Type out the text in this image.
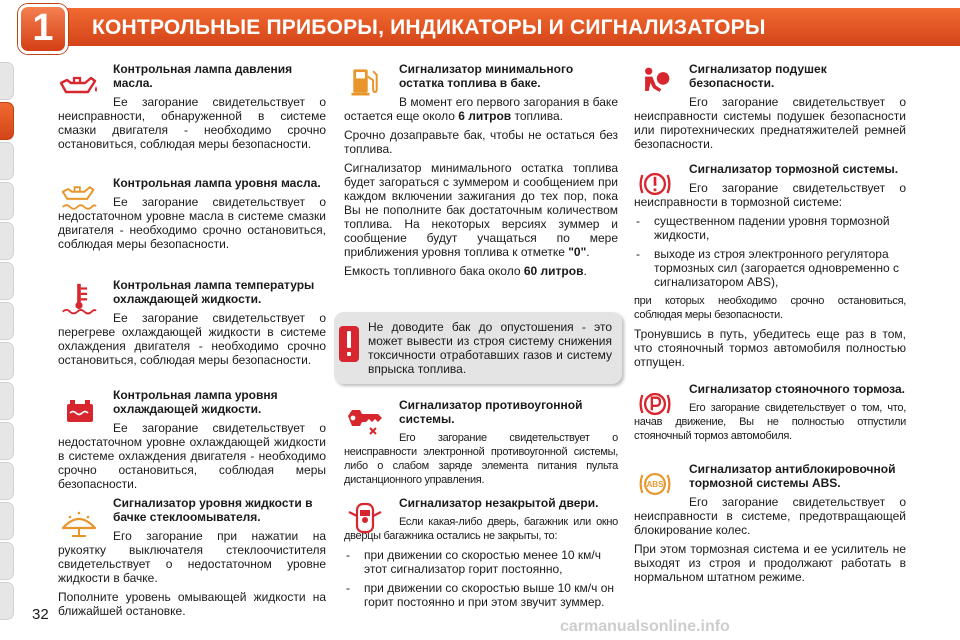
1	КОНТРОЛЬНЫЕ ПРИБОРЫ, ИНДИКАТОРЫ И СИГНАЛИЗАТОРЫ
Контрольная лампа давления масла.

Ее загорание свидетельствует о неисправности, обнаруженной в системе смазки двигателя - необходимо срочно остановиться, соблюдая меры безопасности.

Контрольная лампа уровня масла.

Ее загорание свидетельствует о недостаточном уровне масла в системе смазки двигателя - необходимо срочно остановиться, соблюдая меры безопасности.

Контрольная лампа температуры охлаждающей жидкости.

Ее загорание свидетельствует о перегреве охлаждающей жидкости в системе охлаждения двигателя - необходимо срочно остановиться, соблюдая меры безопасности.

Контрольная лампа уровня охлаждающей жидкости.

Ее загорание свидетельствует о недостаточном уровне охлаждающей жидкости в системе охлаждения двигателя - необходимо срочно остановиться, соблюдая меры безопасности.

Сигнализатор уровня жидкости в бачке стеклоомывателя.

Его загорание при нажатии на рукоятку выключателя стеклоочистителя свидетельствует о недостаточном уровне жидкости в бачке.

Пополните уровень омывающей жидкости на ближайшей остановке.

Сигнализатор минимального остатка топлива в баке.

В момент его первого загорания в баке остается еще около 6 литров топлива.

Срочно дозаправьте бак, чтобы не остаться без топлива.

Сигнализатор минимального остатка топлива будет загораться с зуммером и сообщением при каждом включении зажигания до тех пор, пока Вы не пополните бак достаточным количеством топлива. На некоторых версиях зуммер и сообщение будут учащаться по мере приближения уровня топлива к отметке "0".

Емкость топливного бака около 60 литров.

Сигнализатор противоугонной системы.

Его загорание свидетельствует о неисправности электронной противоугонной системы, либо о слабом заряде элемента питания пульта дистанционного управления.

Сигнализатор незакрытой двери.

Если какая-либо дверь, багажник или окно дверцы багажника остались не закрыты, то:

- при движении со скоростью менее 10 км/ч этот сигнализатор горит постоянно,
- при движении со скоростью выше 10 км/ч он горит постоянно и при этом звучит зуммер.
Не доводите бак до опустошения - это может вывести из строя систему снижения токсичности отработавших газов и систему впрыска топлива.
Сигнализатор подушек безопасности.

Его загорание свидетельствует о неисправности системы подушек безопасности или пиротехнических преднатяжителей ремней безопасности.

Сигнализатор тормозной системы.

Его загорание свидетельствует о неисправности в тормозной системе:

- существенном падении уровня тормозной жидкости,
- выходе из строя электронного регулятора тормозных сил (загорается одновременно с сигнализатором ABS),

при которых необходимо срочно остановиться, соблюдая меры безопасности.

Тронувшись в путь, убедитесь еще раз в том, что стояночный тормоз автомобиля полностью отпущен.

Сигнализатор стояночного тормоза.

Его загорание свидетельствует о том, что, начав движение, Вы не полностью отпустили стояночный тормоз автомобиля.

ABS
Сигнализатор антиблокировочной тормозной системы ABS.

Его загорание свидетельствует о неисправности в системе, предотвращающей блокирование колес.

При этом тормозная система и ее усилитель не выходят из строя и продолжают работать в нормальном штатном режиме.

32
carmanualsonline.info
